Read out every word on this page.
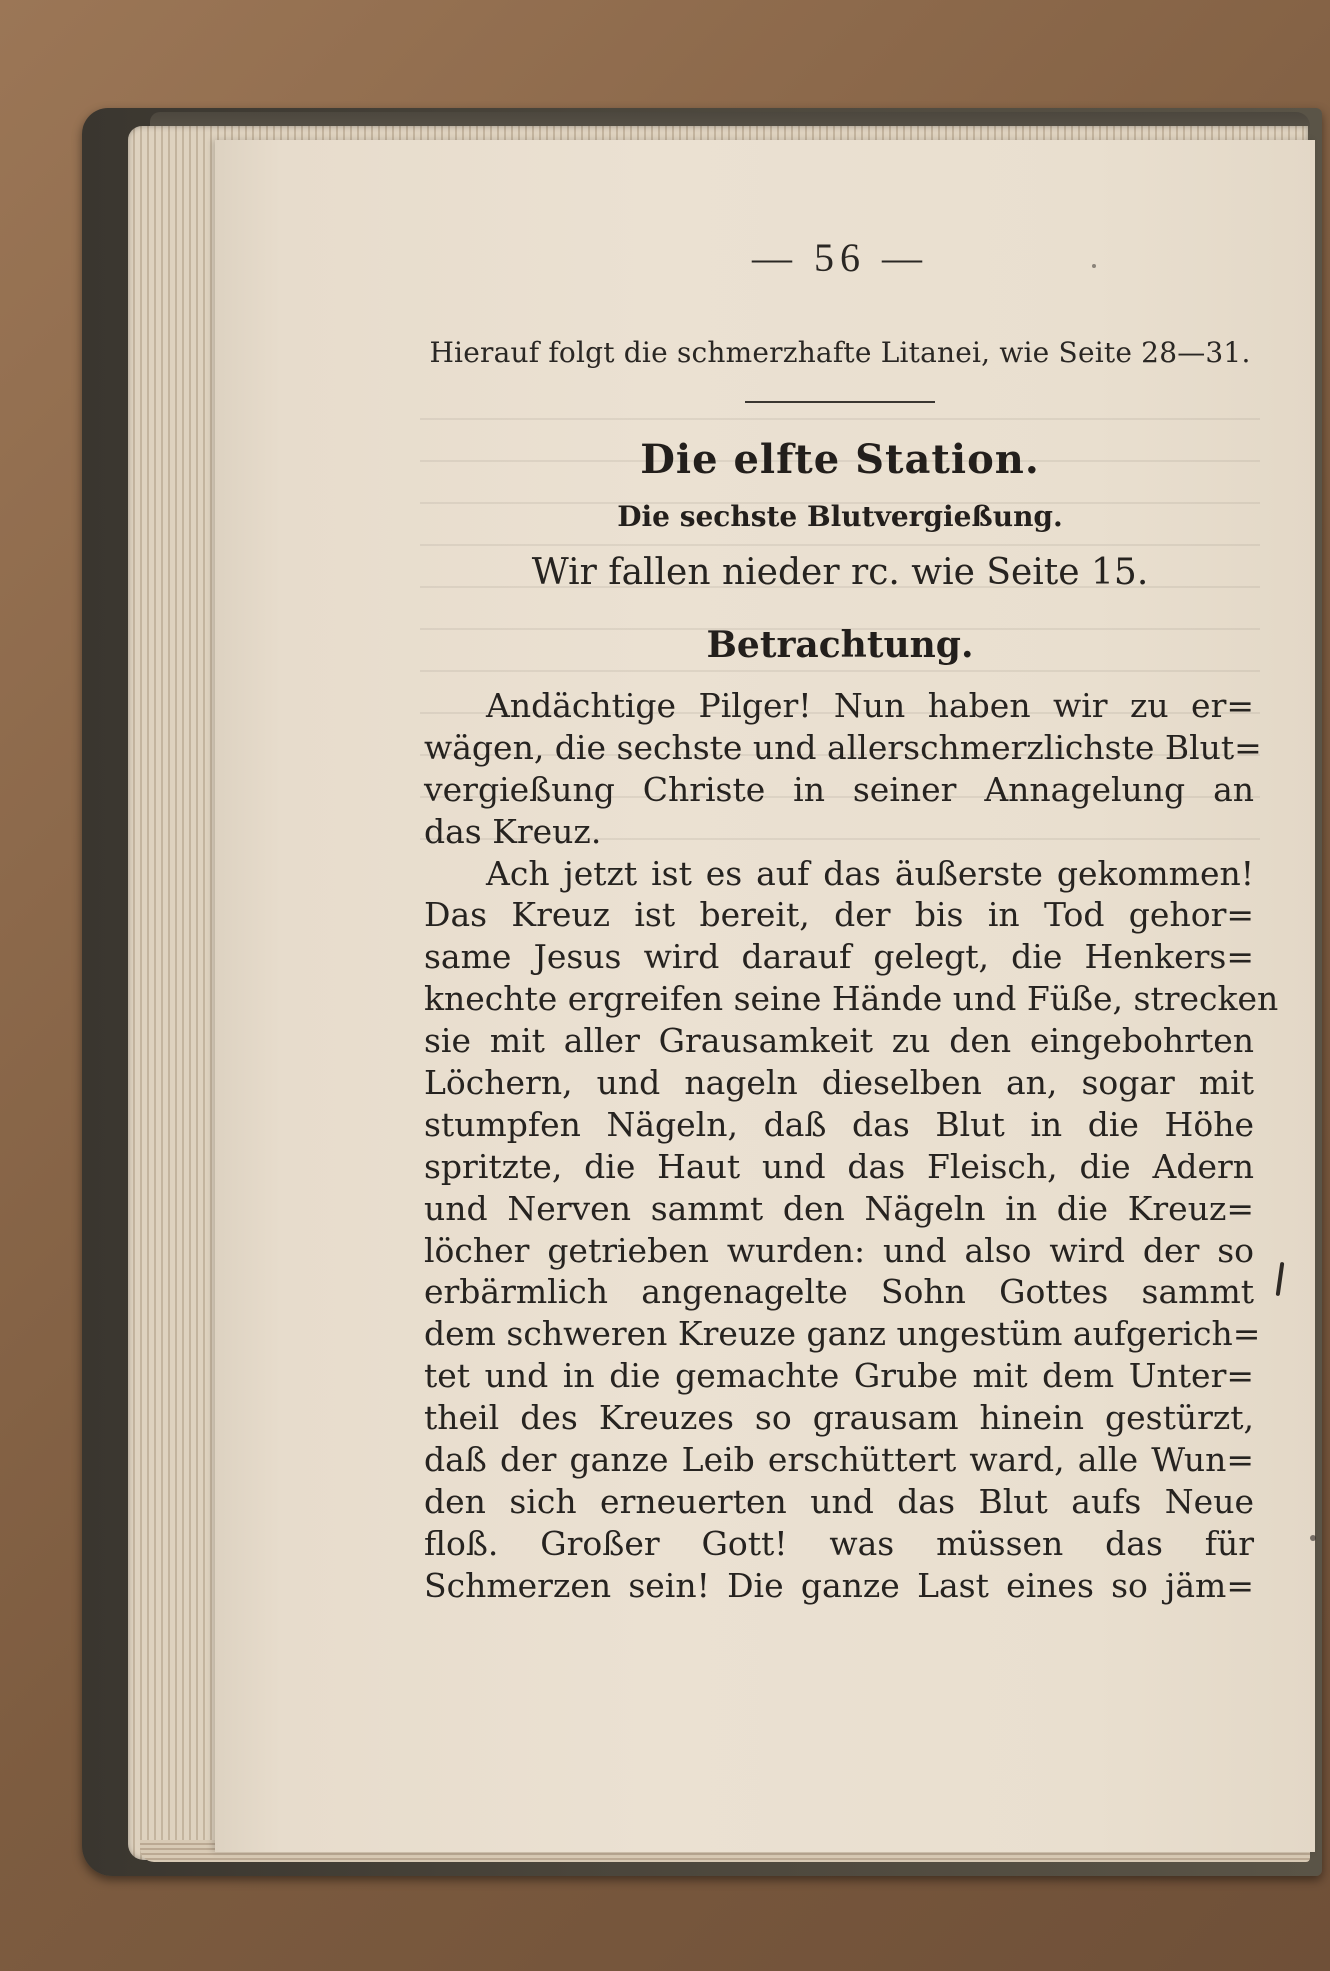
— 56 —
Hierauf folgt die schmerzhafte Litanei, wie Seite 28—31.
Die elfte Station.
Die sechste Blutvergießung.
Wir fallen nieder rc. wie Seite 15.
Betrachtung.
Andächtige Pilger! Nun haben wir zu er=
wägen, die sechste und allerschmerzlichste Blut=
vergießung Christe in seiner Annagelung an
das Kreuz.
Ach jetzt ist es auf das äußerste gekommen!
Das Kreuz ist bereit, der bis in Tod gehor=
same Jesus wird darauf gelegt, die Henkers=
knechte ergreifen seine Hände und Füße, strecken
sie mit aller Grausamkeit zu den eingebohrten
Löchern, und nageln dieselben an, sogar mit
stumpfen Nägeln, daß das Blut in die Höhe
spritzte, die Haut und das Fleisch, die Adern
und Nerven sammt den Nägeln in die Kreuz=
löcher getrieben wurden: und also wird der so
erbärmlich angenagelte Sohn Gottes sammt
dem schweren Kreuze ganz ungestüm aufgerich=
tet und in die gemachte Grube mit dem Unter=
theil des Kreuzes so grausam hinein gestürzt,
daß der ganze Leib erschüttert ward, alle Wun=
den sich erneuerten und das Blut aufs Neue
floß. Großer Gott! was müssen das für
Schmerzen sein! Die ganze Last eines so jäm=
